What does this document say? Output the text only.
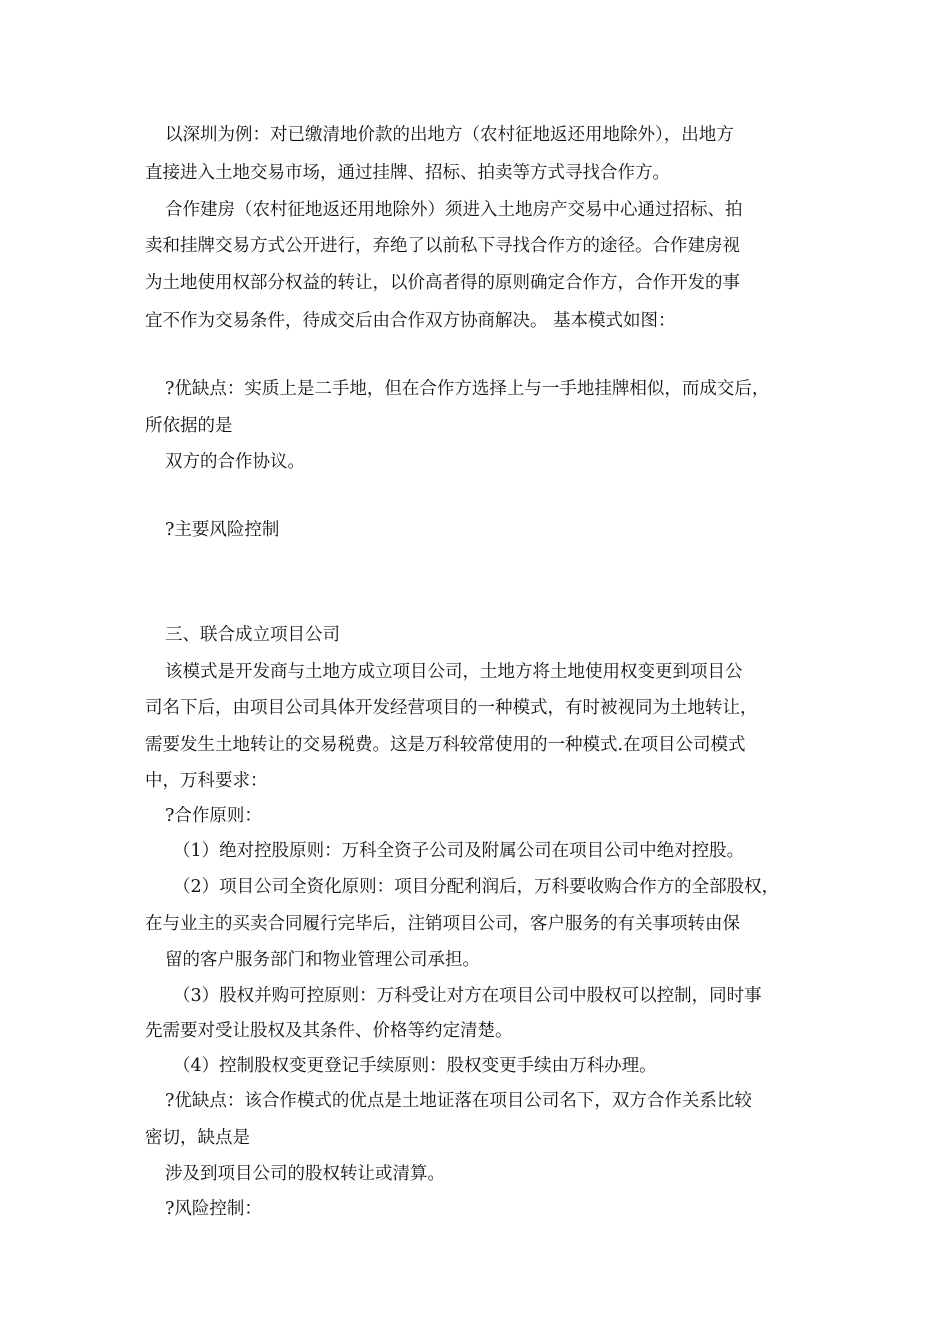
以深圳为例：对已缴清地价款的出地方（农村征地返还用地除外），出地方
直接进入土地交易市场，通过挂牌、招标、拍卖等方式寻找合作方。
合作建房（农村征地返还用地除外）须进入土地房产交易中心通过招标、拍
卖和挂牌交易方式公开进行，弃绝了以前私下寻找合作方的途径。合作建房视
为土地使用权部分权益的转让，以价高者得的原则确定合作方，合作开发的事
宜不作为交易条件，待成交后由合作双方协商解决。 基本模式如图：
?优缺点：实质上是二手地，但在合作方选择上与一手地挂牌相似，而成交后，
所依据的是
双方的合作协议。
?主要风险控制
三、联合成立项目公司
该模式是开发商与土地方成立项目公司，土地方将土地使用权变更到项目公
司名下后，由项目公司具体开发经营项目的一种模式，有时被视同为土地转让，
需要发生土地转让的交易税费。这是万科较常使用的一种模式.在项目公司模式
中，万科要求：
?合作原则：
（1）绝对控股原则：万科全资子公司及附属公司在项目公司中绝对控股。
（2）项目公司全资化原则：项目分配利润后，万科要收购合作方的全部股权，
在与业主的买卖合同履行完毕后，注销项目公司，客户服务的有关事项转由保
留的客户服务部门和物业管理公司承担。
（3）股权并购可控原则：万科受让对方在项目公司中股权可以控制，同时事
先需要对受让股权及其条件、价格等约定清楚。
（4）控制股权变更登记手续原则：股权变更手续由万科办理。
?优缺点：该合作模式的优点是土地证落在项目公司名下，双方合作关系比较
密切，缺点是
涉及到项目公司的股权转让或清算。
?风险控制：
